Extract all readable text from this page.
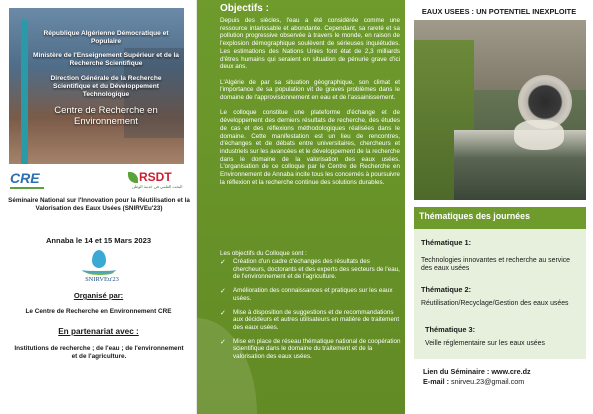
République Algérienne Démocratique et Populaire
Ministère de l'Enseignement Supérieur et de la Recherche Scientifique
Direction Générale de la Recherche Scientifique et du Développement Technologique
Centre de Recherche en Environnement
CRE	RSDT
البحث العلمي في خدمة الوطن
Séminaire National sur l'Innovation pour la Réutilisation et la Valorisation des Eaux Usées (SNIRVEu'23)
Annaba le 14 et 15 Mars 2023
SNIRVEu'23
Organisé par:
Le Centre de Recherche en Environnement CRE
En partenariat avec :
Institutions de recherche ; de l'eau ; de l'environnement et de l'agriculture.
Objectifs :

Depuis des siècles, l'eau a été considérée comme une ressource intarissable et abondante. Cependant, sa rareté et sa pollution progressive observée à travers le monde, en raison de l'explosion démographique soulèvent de sérieuses inquiétudes. Les estimations des Nations Unies font état de 2,3 milliards d'êtres humains qui seraient en situation de pénurie grave d'ici deux ans.

L'Algérie de par sa situation géographique, son climat et l'importance de sa population vit de graves problèmes dans le domaine de l'approvisionnement en eau et de l'assainissement.

Le colloque constitue une plateforme d'échange et de développement des derniers résultats de recherche, des études de cas et des réflexions méthodologiques réalisées dans le domaine. Cette manifestation est un lieu de rencontres, d'échanges et de débats entre universitaires, chercheurs et industriels sur les avancées et le développement de la recherche dans le domaine de la valorisation des eaux usées. L'organisation de ce colloque par le Centre de Recherche en Environnement de Annaba incite tous les concernés à poursuivre la réflexion et la recherche continue des solutions durables.

Les objectifs du Colloque sont :
✓	Création d'un cadre d'échanges des résultats des chercheurs, doctorants et des experts des secteurs de l'eau, de l'environnement et de l'agriculture.
✓	Amélioration des connaissances et pratiques sur les eaux usées.
✓	Mise à disposition de suggestions et de recommandations aux décideurs et autres utilisateurs en matière de traitement des eaux usées.
✓	Mise en place de réseau thématique national de coopération scientifique dans le domaine du traitement et de la valorisation des eaux usées.
EAUX USEES : UN POTENTIEL INEXPLOITE
Thématiques des journées
Thématique 1:
Technologies innovantes et recherche au service des eaux usées
Thématique 2:
Réutilisation/Recyclage/Gestion des eaux usées
Thématique 3:
Veille réglementaire sur les eaux usées
Lien du Séminaire : www.cre.dz
E-mail : snirveu.23@gmail.com
